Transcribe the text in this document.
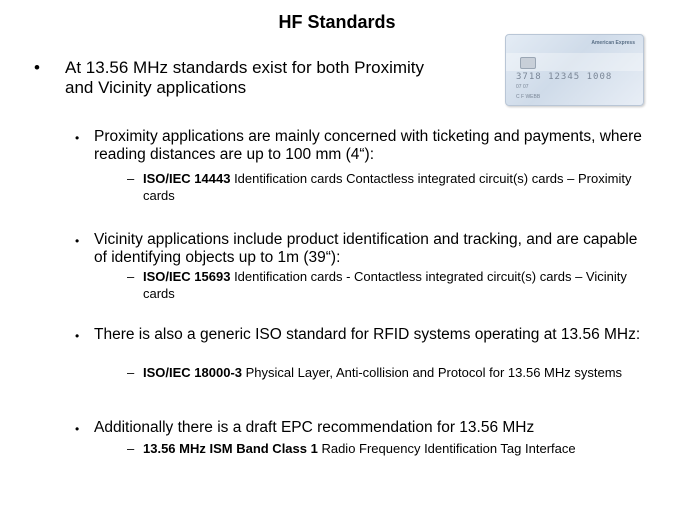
HF Standards
American Express
3718 12345 1008
07 07
C F WEBB
• At 13.56 MHz standards exist for both Proximity and Vicinity applications
• Proximity applications are mainly concerned with ticketing and payments, where reading distances are up to 100 mm (4“):
– ISO/IEC 14443 Identification cards Contactless integrated circuit(s) cards – Proximity cards
• Vicinity applications include product identification and tracking, and are capable of identifying objects up to 1m (39“):
– ISO/IEC 15693 Identification cards - Contactless integrated circuit(s) cards – Vicinity cards
• There is also a generic ISO standard for RFID systems operating at 13.56 MHz:
– ISO/IEC 18000-3 Physical Layer, Anti-collision and Protocol for 13.56 MHz systems
• Additionally there is a draft EPC recommendation for 13.56 MHz
– 13.56 MHz ISM Band Class 1 Radio Frequency Identification Tag Interface
